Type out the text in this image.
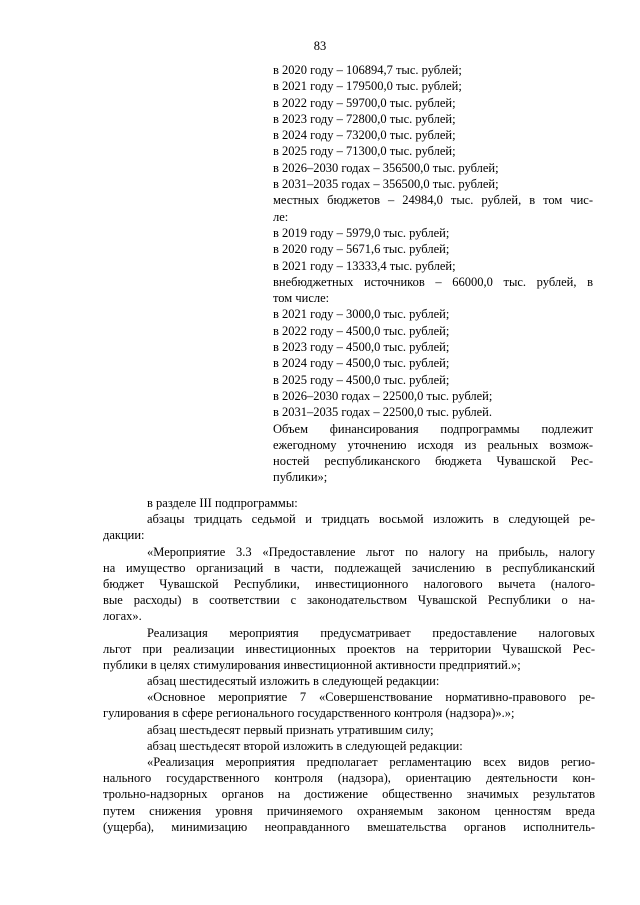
83
в 2020 году – 106894,7 тыс. рублей;
в 2021 году – 179500,0 тыс. рублей;
в 2022 году – 59700,0 тыс. рублей;
в 2023 году – 72800,0 тыс. рублей;
в 2024 году – 73200,0 тыс. рублей;
в 2025 году – 71300,0 тыс. рублей;
в 2026–2030 годах – 356500,0 тыс. рублей;
в 2031–2035 годах – 356500,0 тыс. рублей;
местных бюджетов – 24984,0 тыс. рублей, в том чис-
ле:
в 2019 году – 5979,0 тыс. рублей;
в 2020 году – 5671,6 тыс. рублей;
в 2021 году – 13333,4 тыс. рублей;
внебюджетных источников – 66000,0 тыс. рублей, в
том числе:
в 2021 году – 3000,0 тыс. рублей;
в 2022 году – 4500,0 тыс. рублей;
в 2023 году – 4500,0 тыс. рублей;
в 2024 году – 4500,0 тыс. рублей;
в 2025 году – 4500,0 тыс. рублей;
в 2026–2030 годах – 22500,0 тыс. рублей;
в 2031–2035 годах – 22500,0 тыс. рублей.
Объем финансирования подпрограммы подлежит
ежегодному уточнению исходя из реальных возмож-
ностей республиканского бюджета Чувашской Рес-
публики»;
в разделе III подпрограммы:
абзацы тридцать седьмой и тридцать восьмой изложить в следующей ре-
дакции:
«Мероприятие 3.3 «Предоставление льгот по налогу на прибыль, налогу
на имущество организаций в части, подлежащей зачислению в республиканский
бюджет Чувашской Республики, инвестиционного налогового вычета (налого-
вые расходы) в соответствии с законодательством Чувашской Республики о на-
логах».
Реализация мероприятия предусматривает предоставление налоговых
льгот при реализации инвестиционных проектов на территории Чувашской Рес-
публики в целях стимулирования инвестиционной активности предприятий.»;
абзац шестидесятый изложить в следующей редакции:
«Основное мероприятие 7 «Совершенствование нормативно-правового ре-
гулирования в сфере регионального государственного контроля (надзора)».»;
абзац шестьдесят первый признать утратившим силу;
абзац шестьдесят второй изложить в следующей редакции:
«Реализация мероприятия предполагает регламентацию всех видов регио-
нального государственного контроля (надзора), ориентацию деятельности кон-
трольно-надзорных органов на достижение общественно значимых результатов
путем снижения уровня причиняемого охраняемым законом ценностям вреда
(ущерба), минимизацию неоправданного вмешательства органов исполнитель-
